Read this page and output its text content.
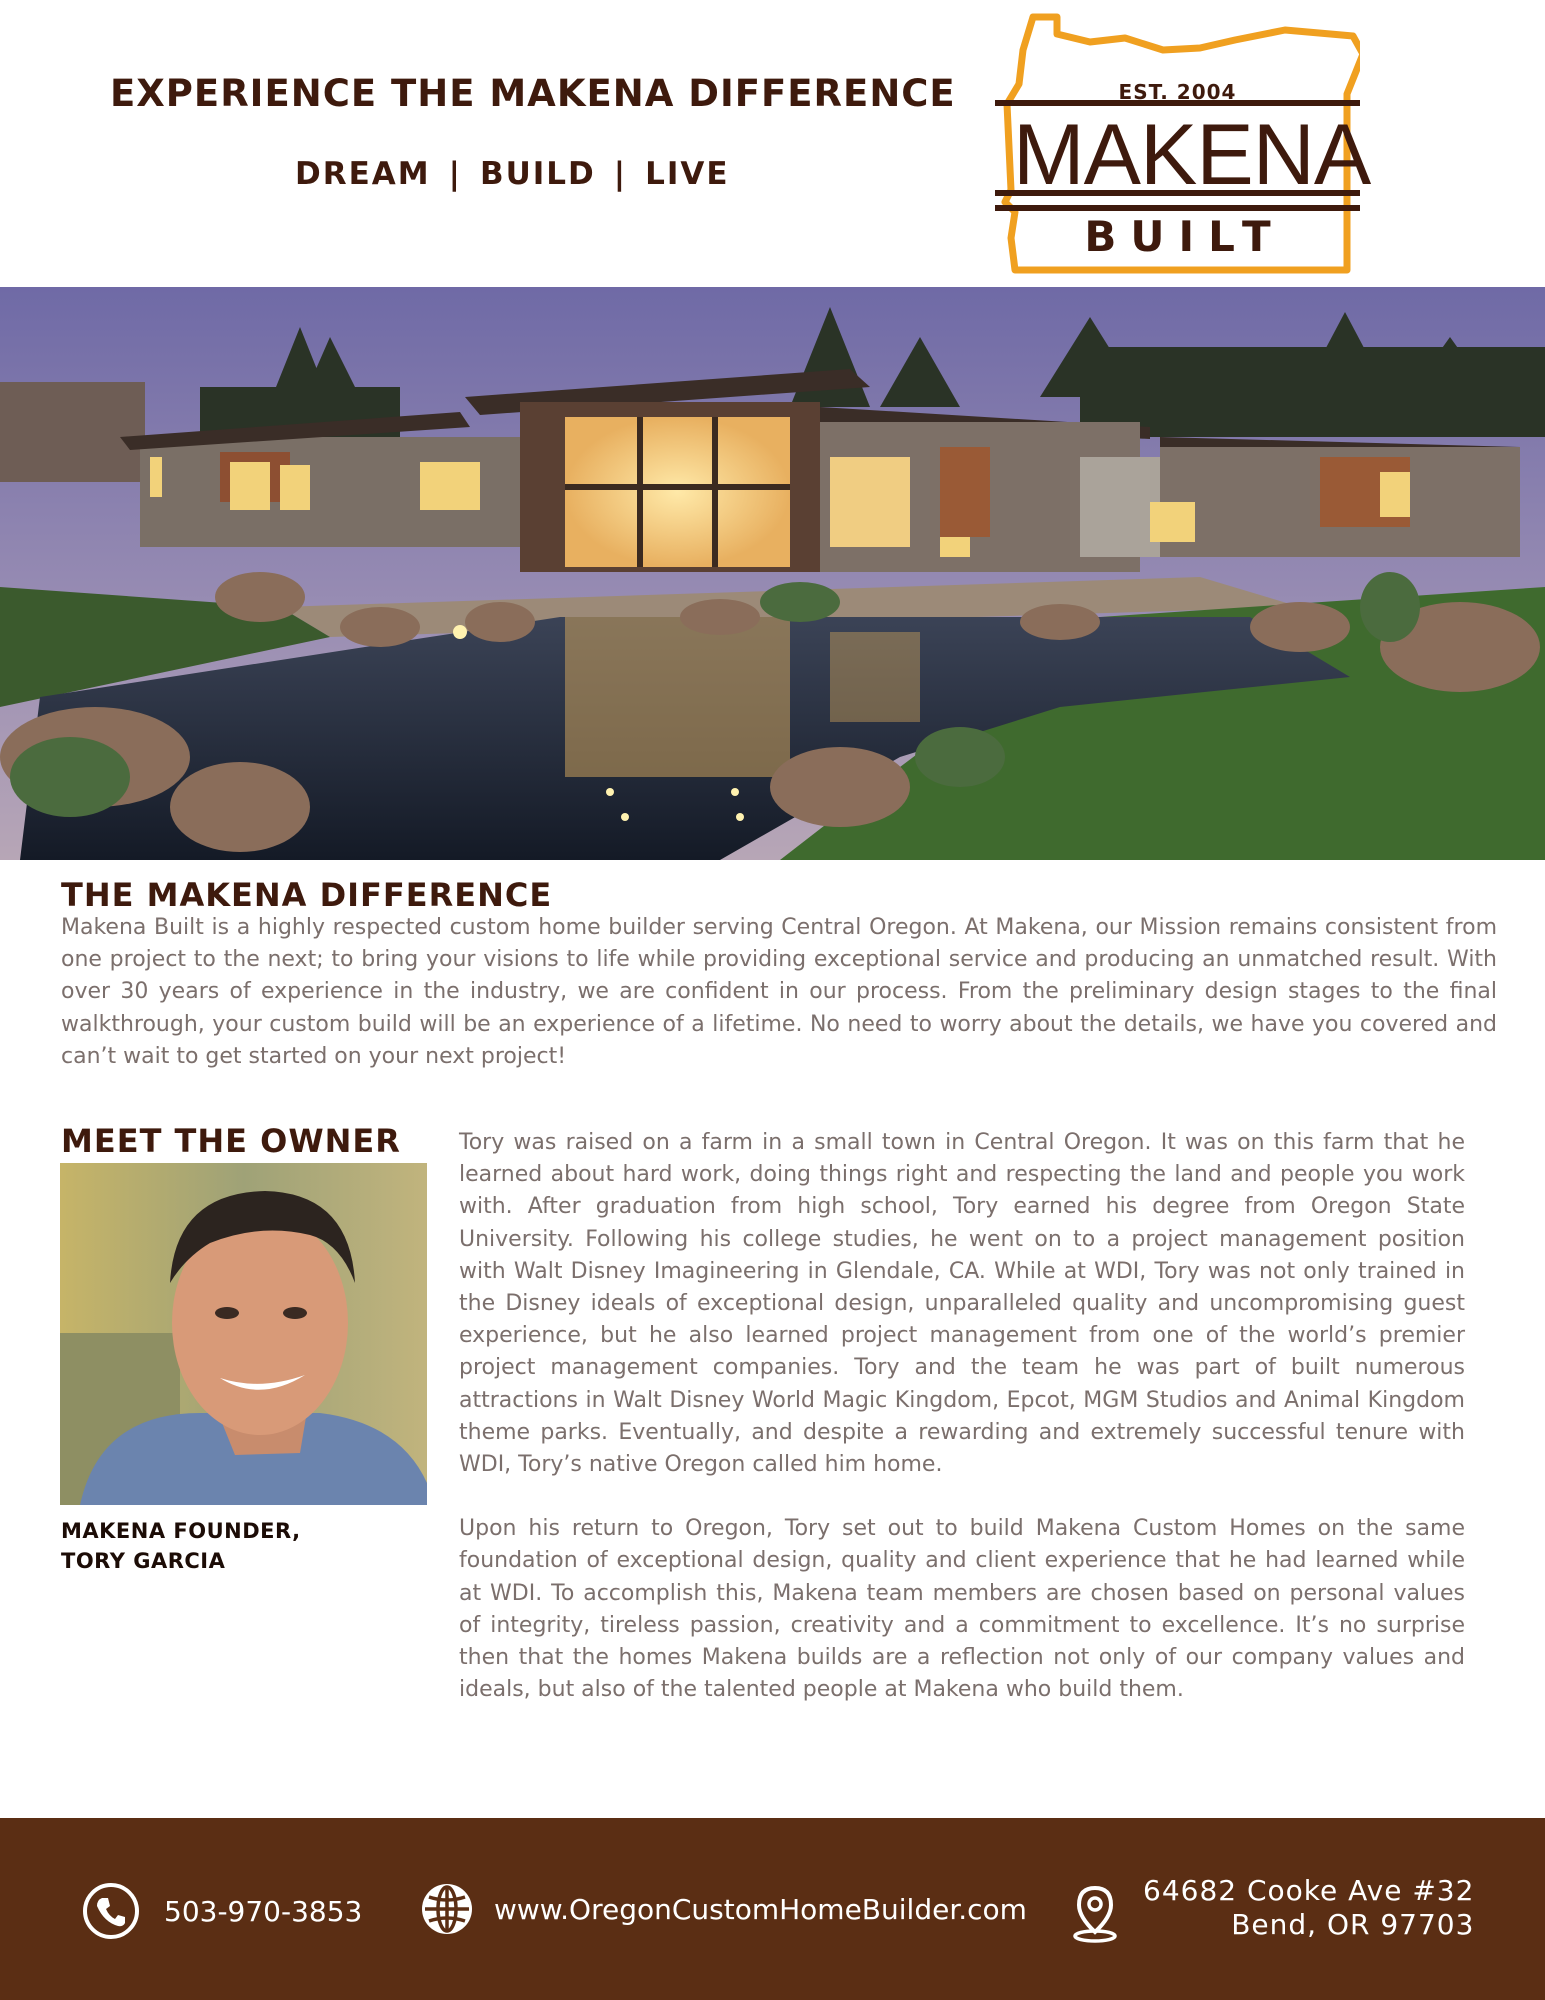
EXPERIENCE THE MAKENA DIFFERENCE
DREAM | BUILD | LIVE
EST. 2004
MAKENA
BUILT
THE MAKENA DIFFERENCE

Makena Built is a highly respected custom home builder serving Central Oregon. At Makena, our Mission remains consistent from one project to the next; to bring your visions to life while providing exceptional service and producing an unmatched result. With over 30 years of experience in the industry, we are confident in our process. From the preliminary design stages to the final walkthrough, your custom build will be an experience of a lifetime. No need to worry about the details, we have you covered and can’t wait to get started on your next project!

MEET THE OWNER
MAKENA FOUNDER,
TORY GARCIA

Tory was raised on a farm in a small town in Central Oregon. It was on this farm that he learned about hard work, doing things right and respecting the land and people you work with. After graduation from high school, Tory earned his degree from Oregon State University. Following his college studies, he went on to a project management position with Walt Disney Imagineering in Glendale, CA. While at WDI, Tory was not only trained in the Disney ideals of exceptional design, unparalleled quality and uncompromising guest experience, but he also learned project management from one of the world’s premier project management companies. Tory and the team he was part of built numerous attractions in Walt Disney World Magic Kingdom, Epcot, MGM Studios and Animal Kingdom theme parks. Eventually, and despite a rewarding and extremely successful tenure with WDI, Tory’s native Oregon called him home.

Upon his return to Oregon, Tory set out to build Makena Custom Homes on the same foundation of exceptional design, quality and client experience that he had learned while at WDI. To accomplish this, Makena team members are chosen based on personal values of integrity, tireless passion, creativity and a commitment to excellence. It’s no surprise then that the homes Makena builds are a reflection not only of our company values and ideals, but also of the talented people at Makena who build them.

503-970-3853	www.OregonCustomHomeBuilder.com
64682 Cooke Ave #32
Bend, OR 97703
